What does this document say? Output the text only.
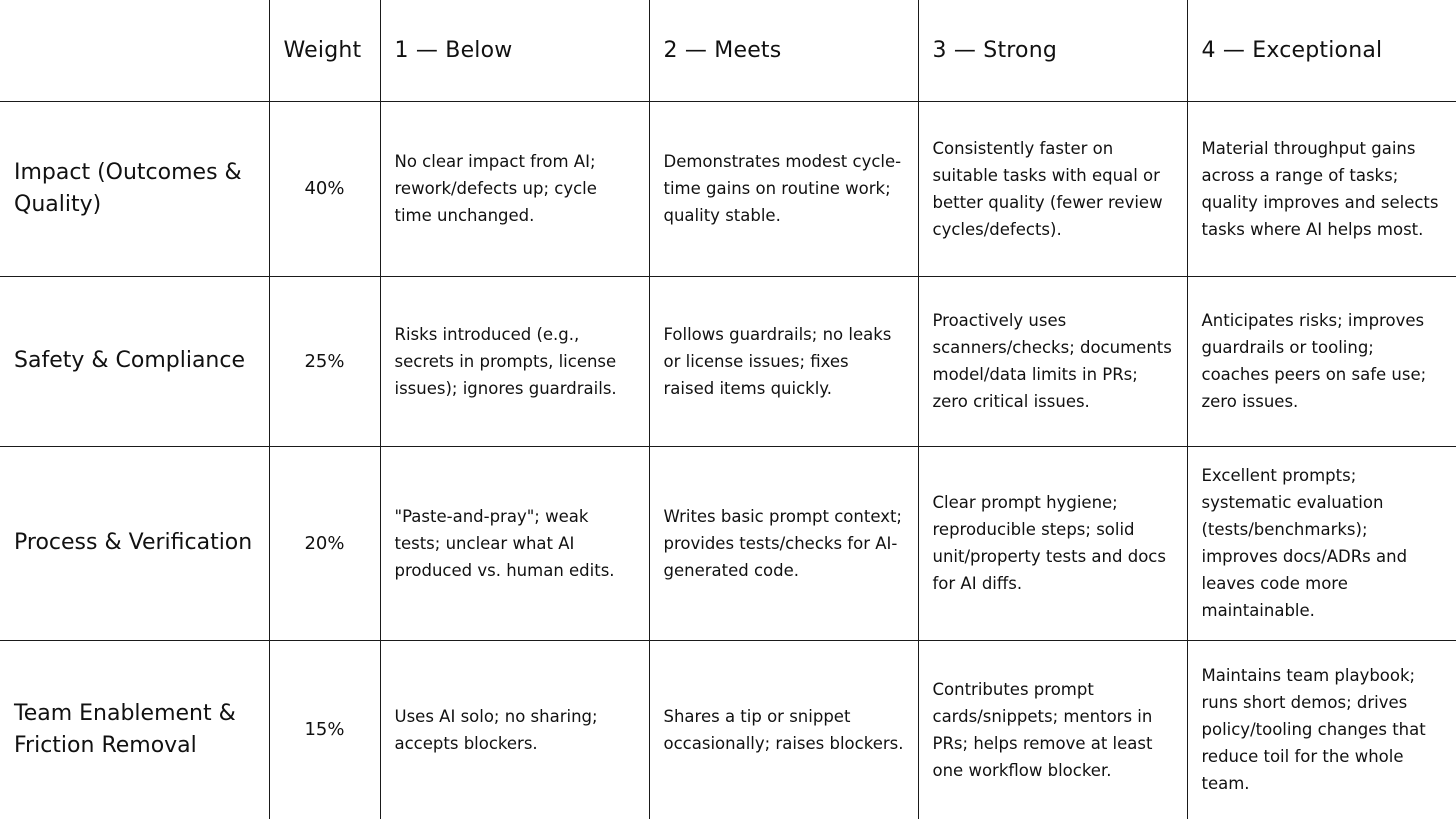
	Weight	1 — Below	2 — Meets	3 — Strong	4 — Exceptional
Impact (Outcomes & Quality)	40%	No clear impact from AI; rework/defects up; cycle time unchanged.	Demonstrates modest cycle-time gains on routine work; quality stable.	Consistently faster on suitable tasks with equal or better quality (fewer review cycles/defects).	Material throughput gains across a range of tasks; quality improves and selects tasks where AI helps most.
Safety & Compliance	25%	Risks introduced (e.g., secrets in prompts, license issues); ignores guardrails.	Follows guardrails; no leaks or license issues; fixes raised items quickly.	Proactively uses scanners/checks; documents model/data limits in PRs; zero critical issues.	Anticipates risks; improves guardrails or tooling; coaches peers on safe use; zero issues.
Process & Verification	20%	"Paste-and-pray"; weak tests; unclear what AI produced vs. human edits.	Writes basic prompt context; provides tests/checks for AI-generated code.	Clear prompt hygiene; reproducible steps; solid unit/property tests and docs for AI diffs.	Excellent prompts; systematic evaluation (tests/benchmarks); improves docs/ADRs and leaves code more maintainable.
Team Enablement & Friction Removal	15%	Uses AI solo; no sharing; accepts blockers.	Shares a tip or snippet occasionally; raises blockers.	Contributes prompt cards/snippets; mentors in PRs; helps remove at least one workflow blocker.	Maintains team playbook; runs short demos; drives policy/tooling changes that reduce toil for the whole team.
